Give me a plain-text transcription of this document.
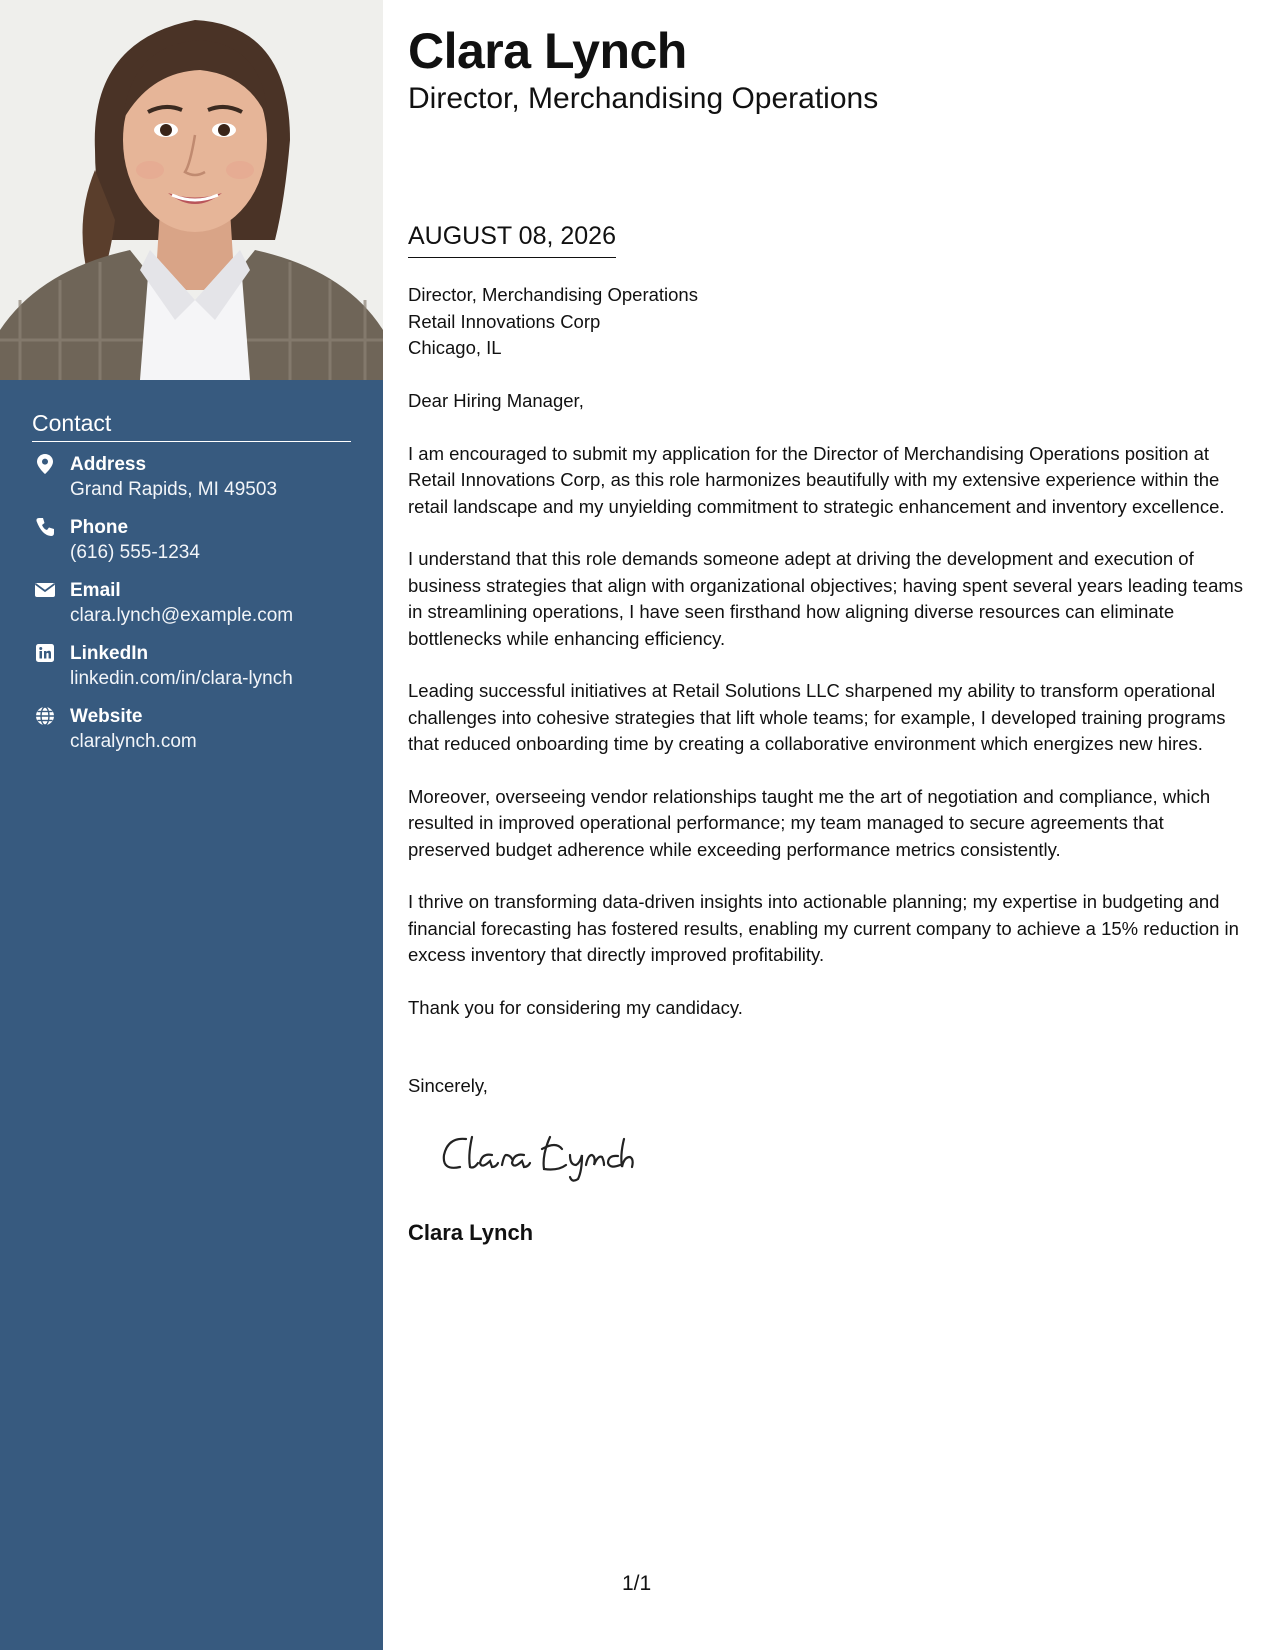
Contact
Address
Grand Rapids, MI 49503
Phone
(616) 555-1234
Email
clara.lynch@example.com
LinkedIn
linkedin.com/in/clara-lynch
Website
claralynch.com
Clara Lynch
Director, Merchandising Operations
AUGUST 08, 2026
Director, Merchandising Operations
Retail Innovations Corp
Chicago, IL

Dear Hiring Manager,

I am encouraged to submit my application for the Director of Merchandising Operations position at Retail Innovations Corp, as this role harmonizes beautifully with my extensive experience within the retail landscape and my unyielding commitment to strategic enhancement and inventory excellence.

I understand that this role demands someone adept at driving the development and execution of business strategies that align with organizational objectives; having spent several years leading teams in streamlining operations, I have seen firsthand how aligning diverse resources can eliminate bottlenecks while enhancing efficiency.

Leading successful initiatives at Retail Solutions LLC sharpened my ability to transform operational challenges into cohesive strategies that lift whole teams; for example, I developed training programs that reduced onboarding time by creating a collaborative environment which energizes new hires.

Moreover, overseeing vendor relationships taught me the art of negotiation and compliance, which resulted in improved operational performance; my team managed to secure agreements that preserved budget adherence while exceeding performance metrics consistently.

I thrive on transforming data-driven insights into actionable planning; my expertise in budgeting and financial forecasting has fostered results, enabling my current company to achieve a 15% reduction in excess inventory that directly improved profitability.

Thank you for considering my candidacy.

Sincerely,
Clara Lynch
1/1
